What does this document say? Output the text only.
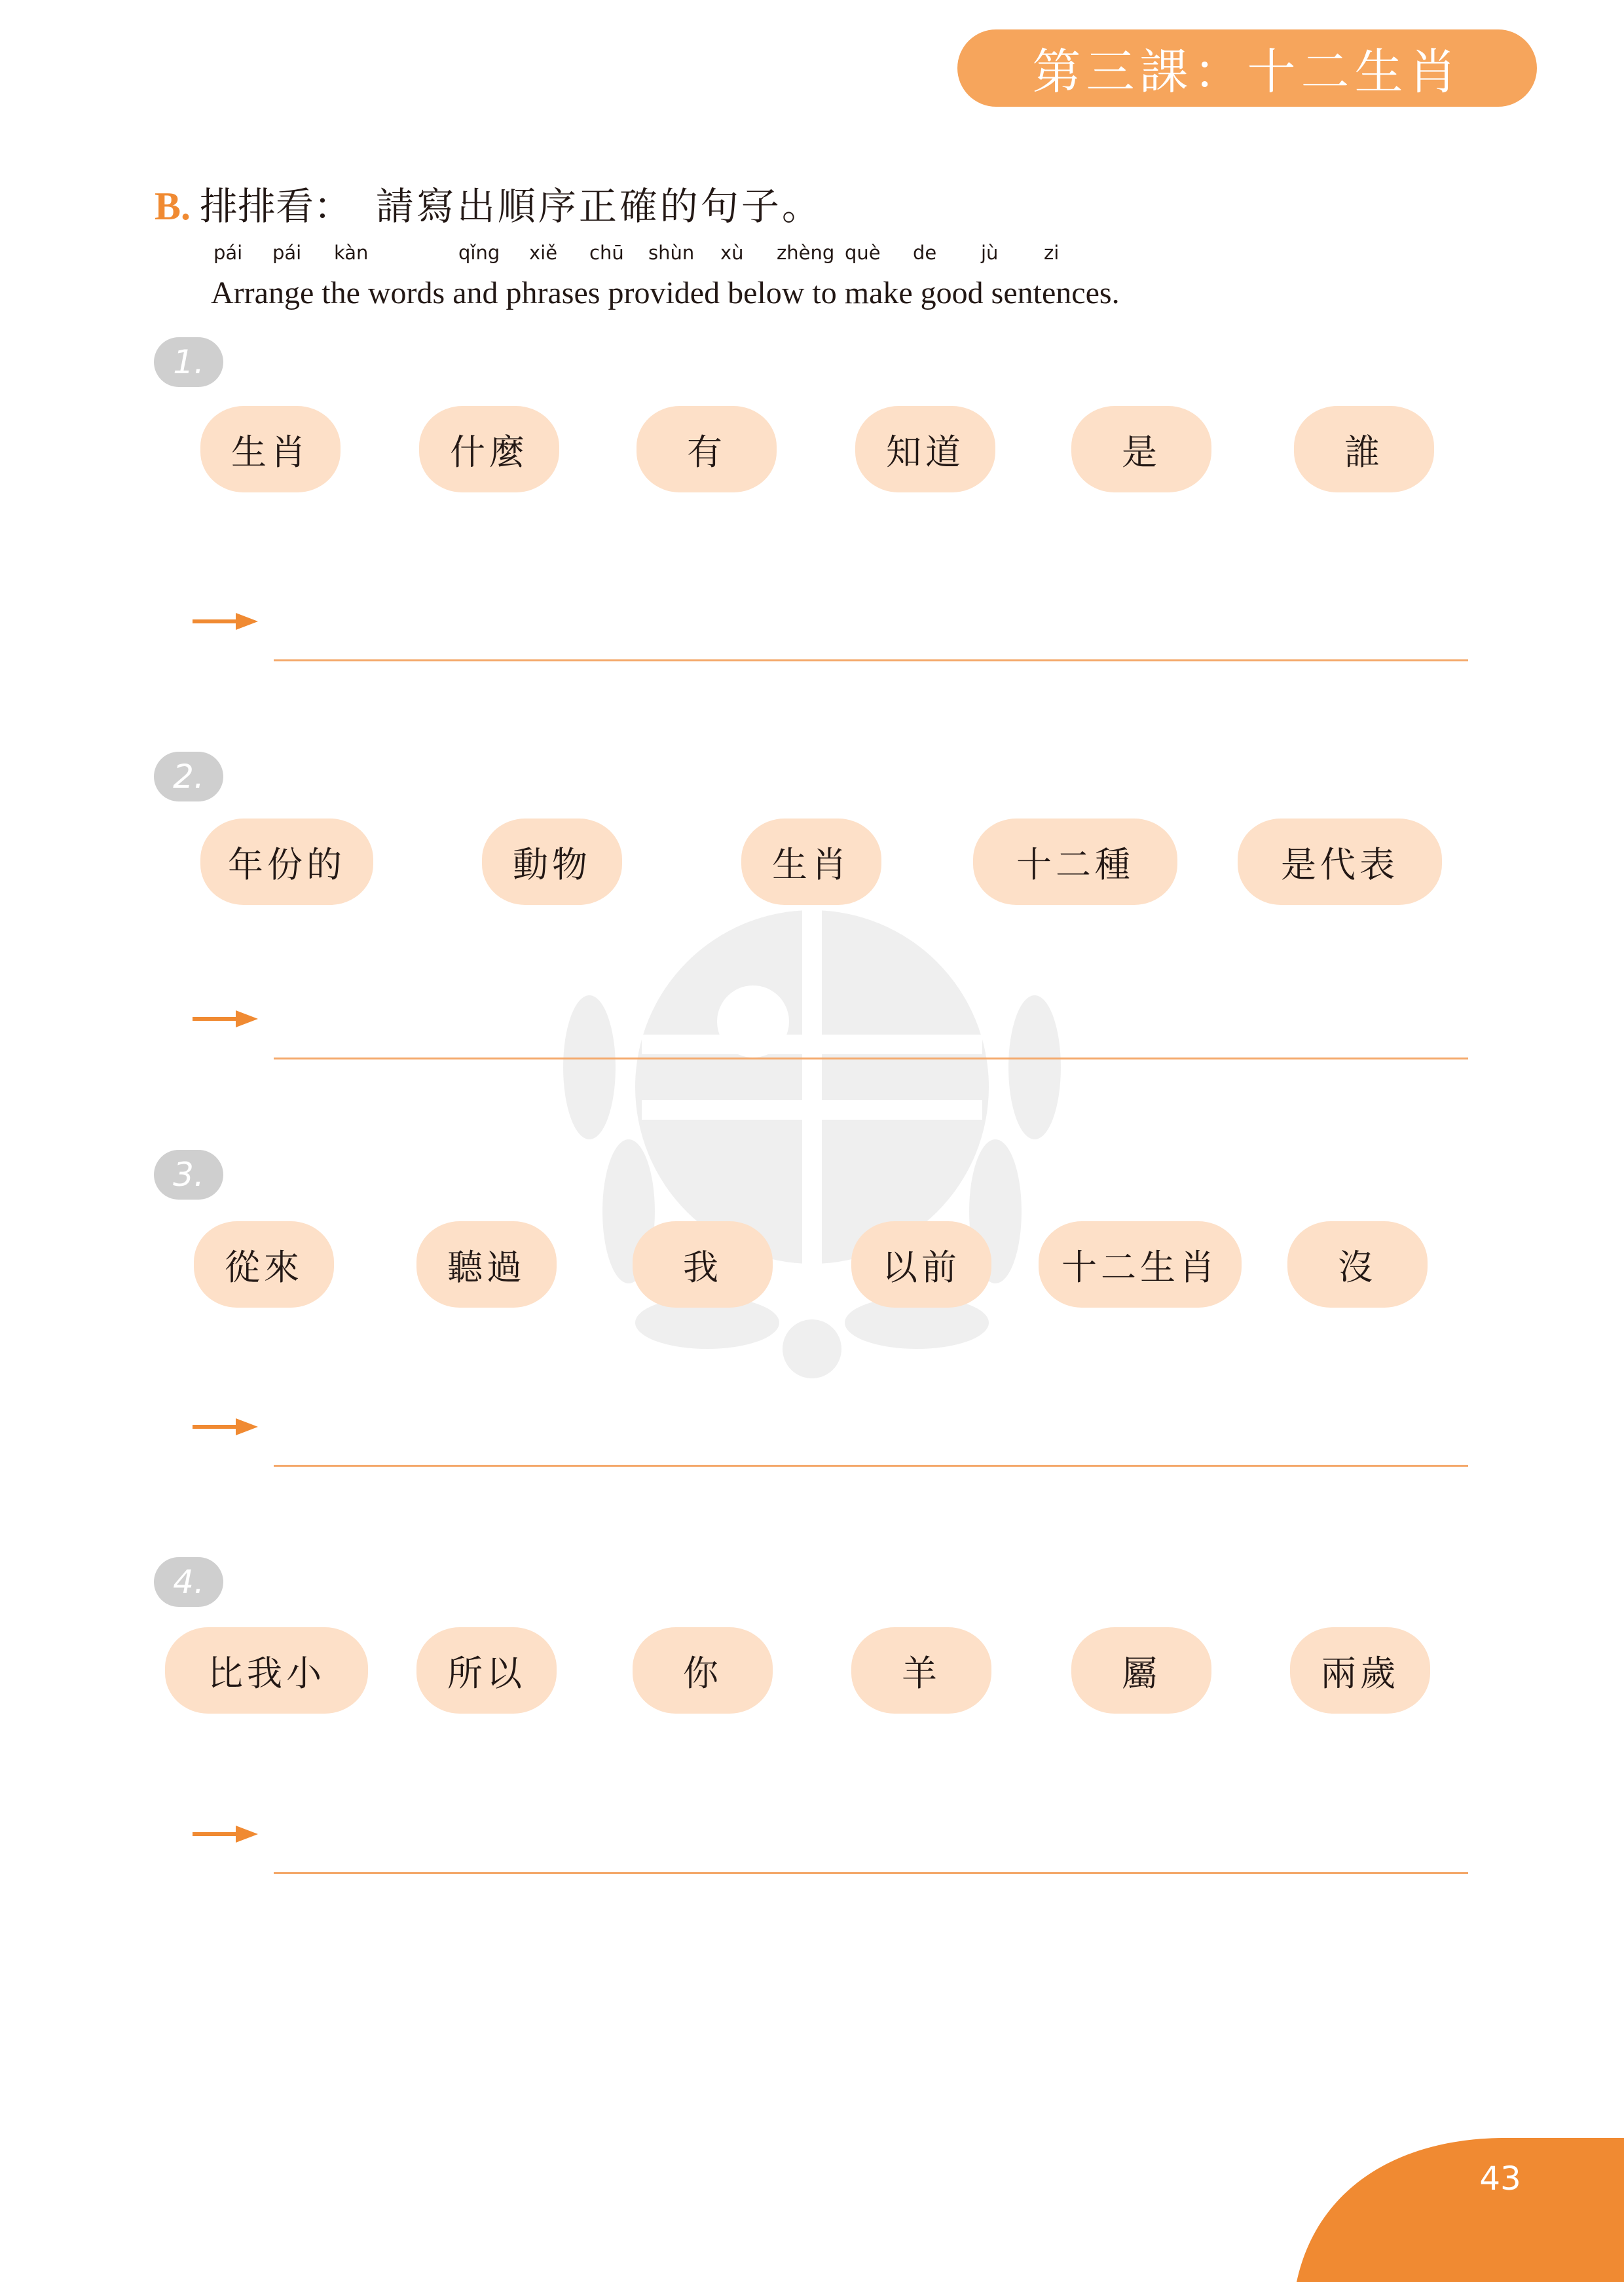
第三課：十二生肖
B. 排排看： 請寫出順序正確的句子。
pái pái kàn	qǐng xiě chū shùn xù zhèng què de jù zi
Arrange the words and phrases provided below to make good sentences.
1.
生肖	什麼	有	知道	是	誰
2.
年份的	動物	生肖	十二種	是代表
3.
從來	聽過	我	以前	十二生肖	沒
4.
比我小	所以	你	羊	屬	兩歲
43
